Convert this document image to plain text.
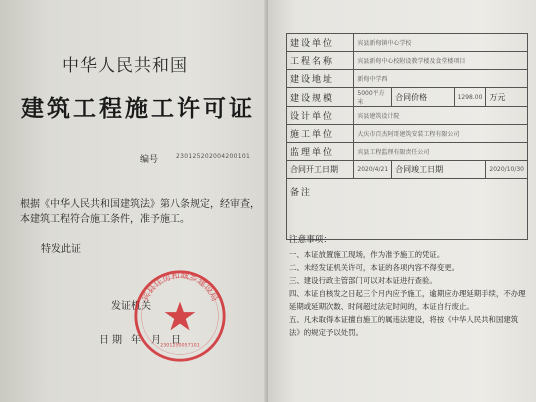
中华人民共和国
建筑工程施工许可证
编号	230125202004200101
根据《中华人民共和国建筑法》第八条规定，经审查，本建筑工程符合施工条件，准予施工。
特发此证
发证机关
日 期 年　月　日
宾县住房和城乡建设局
2301250057101
建设单位	宾县新甸镇中心学校			
工程名称	宾县新甸中心校附设教学楼及食堂楼项目			
建设地址	新甸中学西			
建设规模	5000平方米	合同价格	1298.00	万元
设计单位	宾县建筑设计院			
施工单位	大庆市百杰阿哥建筑安装工程有限公司			
监理单位	宾县工程监理有限责任公司			
合同开工日期	2020/4/21	合同竣工日期		2020/10/30
备注				
注意事项：
一、本证放置施工现场，作为准予施工的凭证。
二、未经发证机关许可，本证的各项内容不得变更。
三、建设行政主管部门可以对本证进行查验。
四、本证自核发之日起三个月内应予施工，逾期应办理延期手续，不办理延期或延期次数、时间超过法定时间的，本证自行废止。
五、凡未取得本证擅自施工的属违法建设，将按《中华人民共和国建筑法》的规定予以处罚。
